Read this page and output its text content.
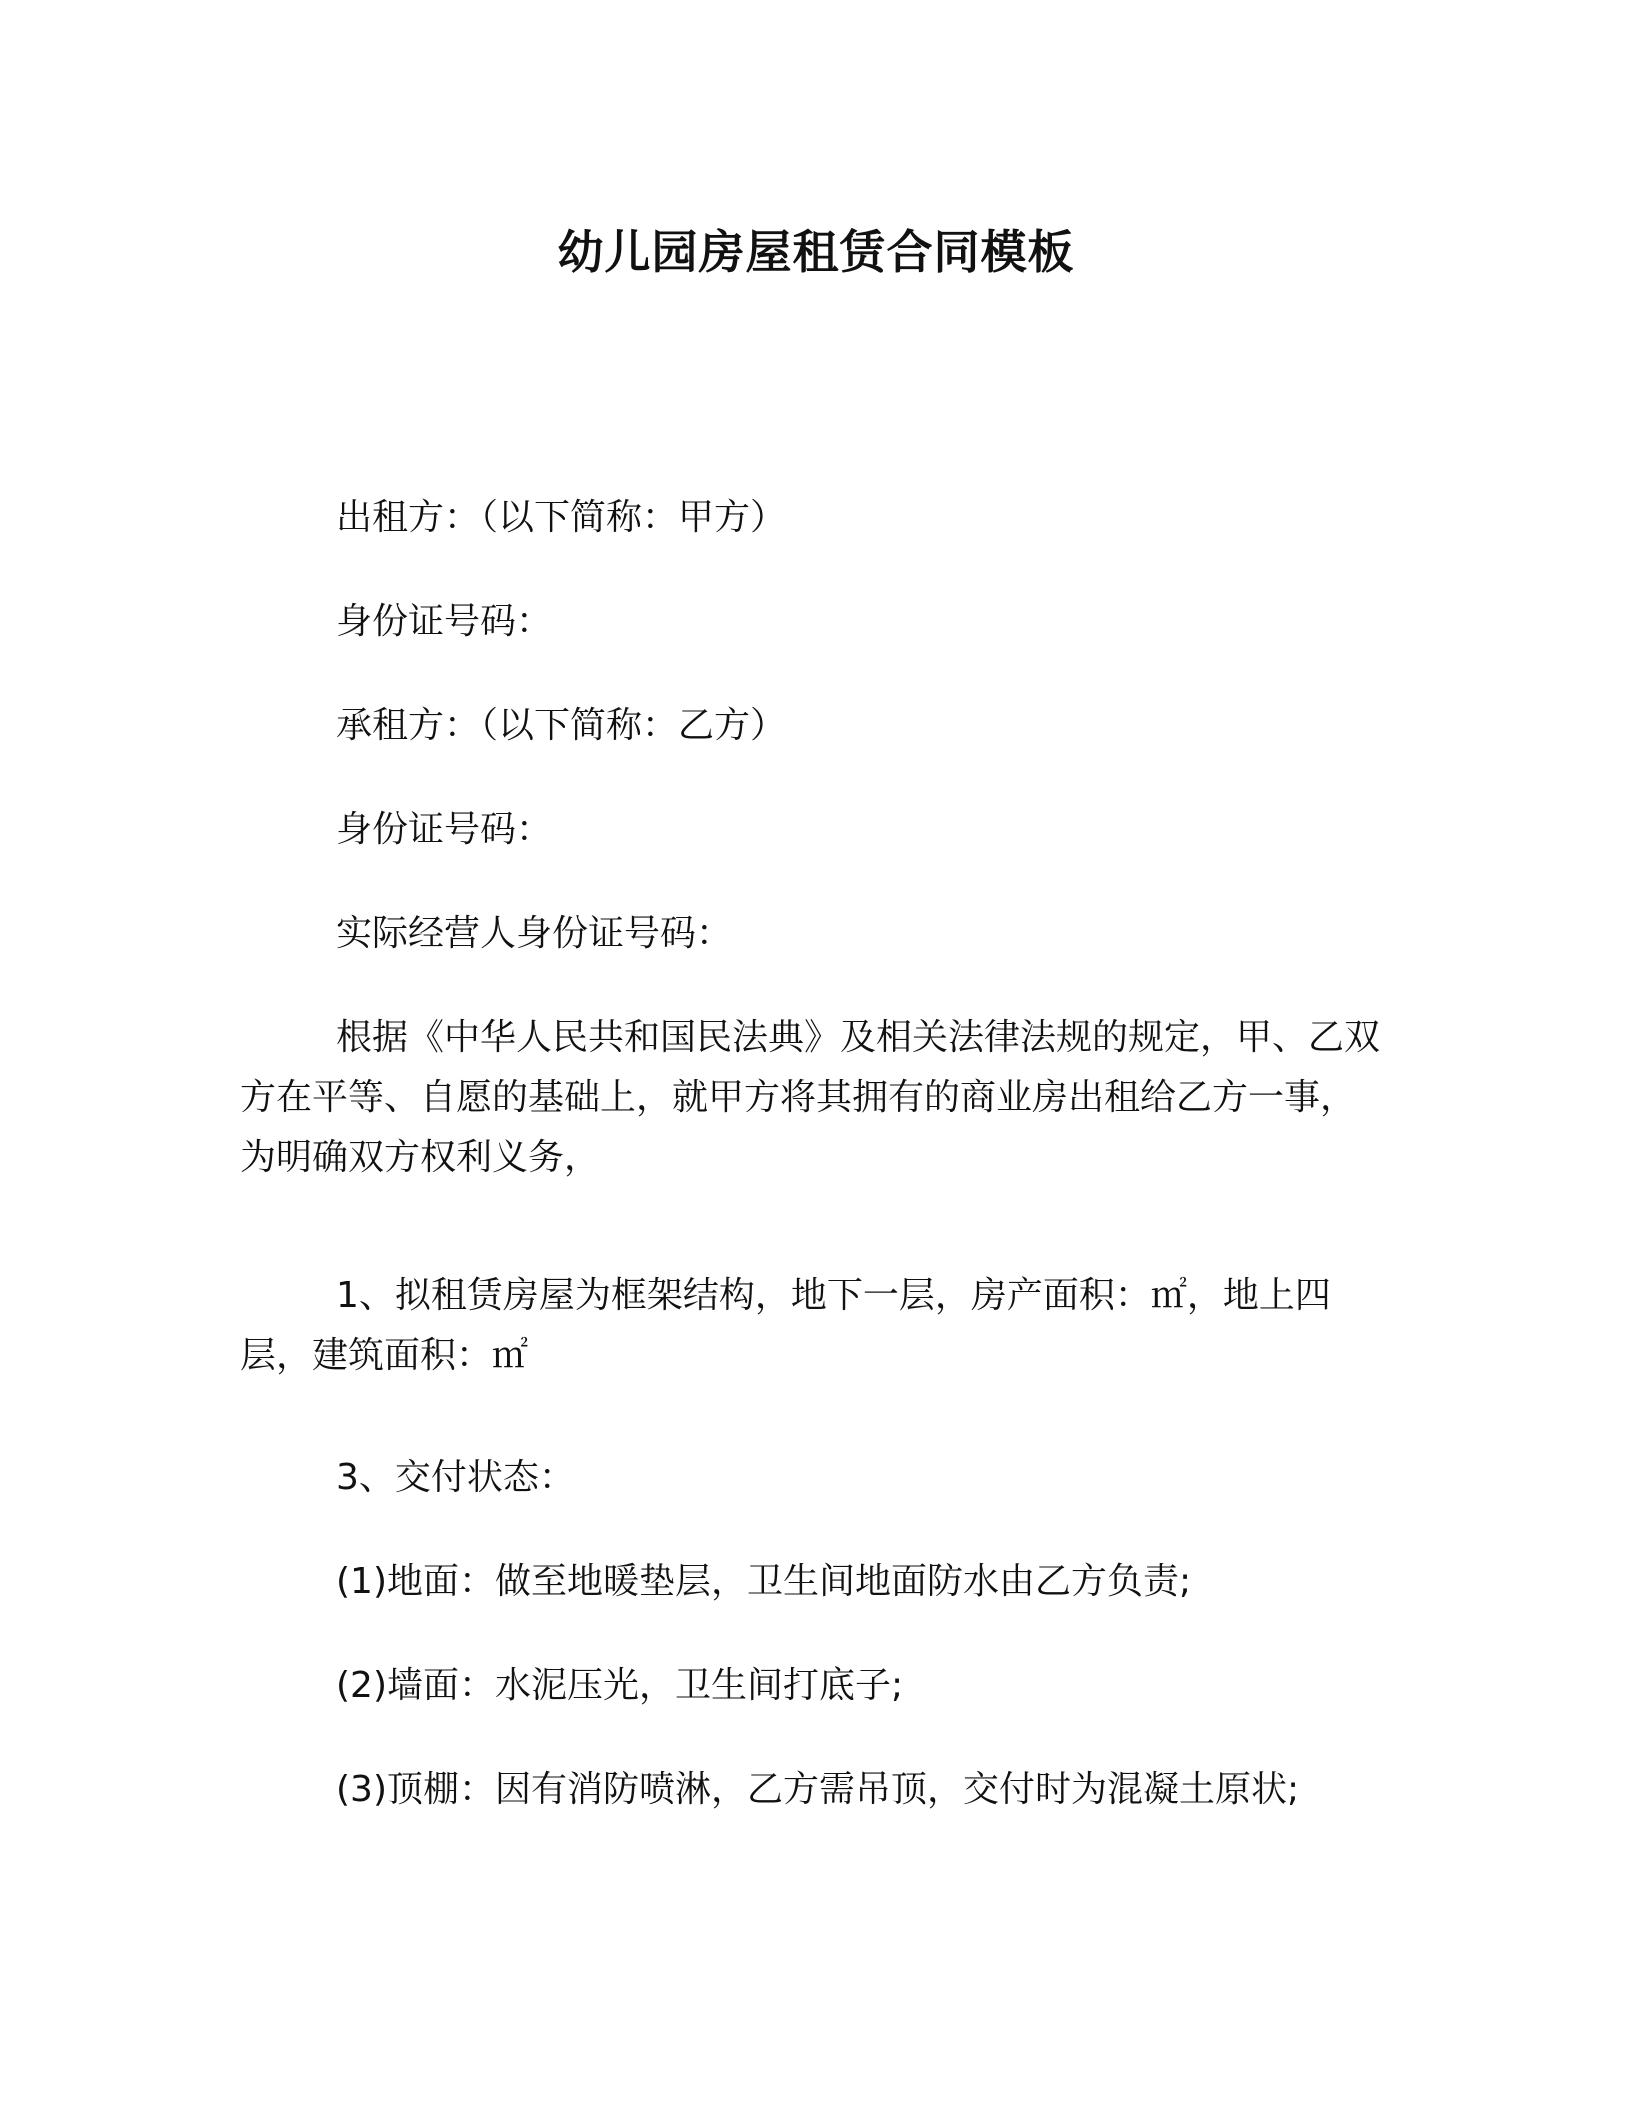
幼儿园房屋租赁合同模板
出租方：（以下简称：甲方）
身份证号码：
承租方：（以下简称：乙方）
身份证号码：
实际经营人身份证号码：
根据《中华人民共和国民法典》及相关法律法规的规定，甲、乙双方在平等、自愿的基础上，就甲方将其拥有的商业房出租给乙方一事，为明确双方权利义务，
1、拟租赁房屋为框架结构，地下一层，房产面积：㎡，地上四层，建筑面积：㎡
3、交付状态：
(1)地面：做至地暖垫层，卫生间地面防水由乙方负责;
(2)墙面：水泥压光，卫生间打底子;
(3)顶棚：因有消防喷淋，乙方需吊顶，交付时为混凝土原状;
